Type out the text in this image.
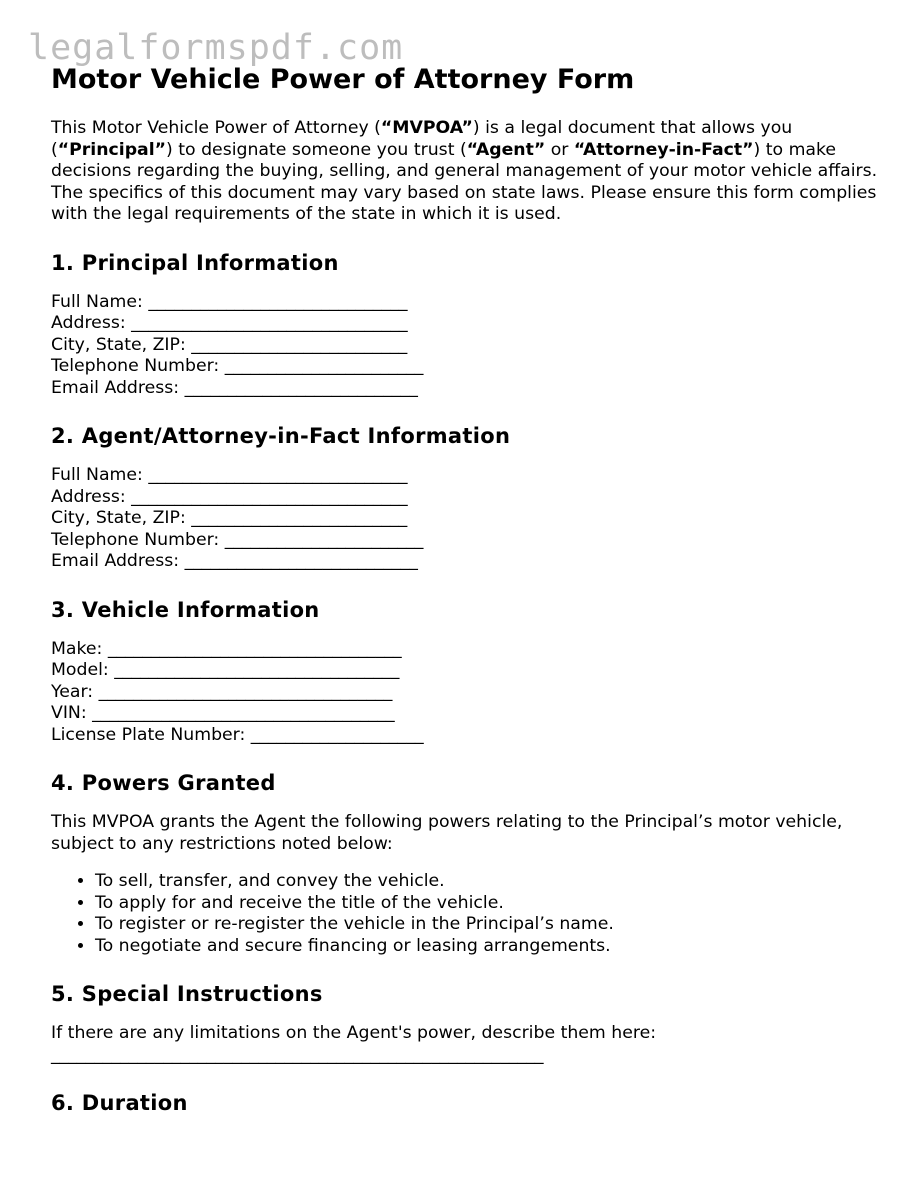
legalformspdf.com
Motor Vehicle Power of Attorney Form

This Motor Vehicle Power of Attorney (“MVPOA”) is a legal document that allows you (“Principal”) to designate someone you trust (“Agent” or “Attorney-in-Fact”) to make decisions regarding the buying, selling, and general management of your motor vehicle affairs. The specifics of this document may vary based on state laws. Please ensure this form complies with the legal requirements of the state in which it is used.

1. Principal Information
Full Name: ______________________________
Address: ________________________________
City, State, ZIP: _________________________
Telephone Number: _______________________
Email Address: ___________________________
2. Agent/Attorney-in-Fact Information
Full Name: ______________________________
Address: ________________________________
City, State, ZIP: _________________________
Telephone Number: _______________________
Email Address: ___________________________
3. Vehicle Information
Make: __________________________________
Model: _________________________________
Year: __________________________________
VIN: ___________________________________
License Plate Number: ____________________
4. Powers Granted

This MVPOA grants the Agent the following powers relating to the Principal’s motor vehicle, subject to any restrictions noted below:

• To sell, transfer, and convey the vehicle.
• To apply for and receive the title of the vehicle.
• To register or re-register the vehicle in the Principal’s name.
• To negotiate and secure financing or leasing arrangements.
5. Special Instructions

If there are any limitations on the Agent's power, describe them here:

_________________________________________________________
6. Duration
